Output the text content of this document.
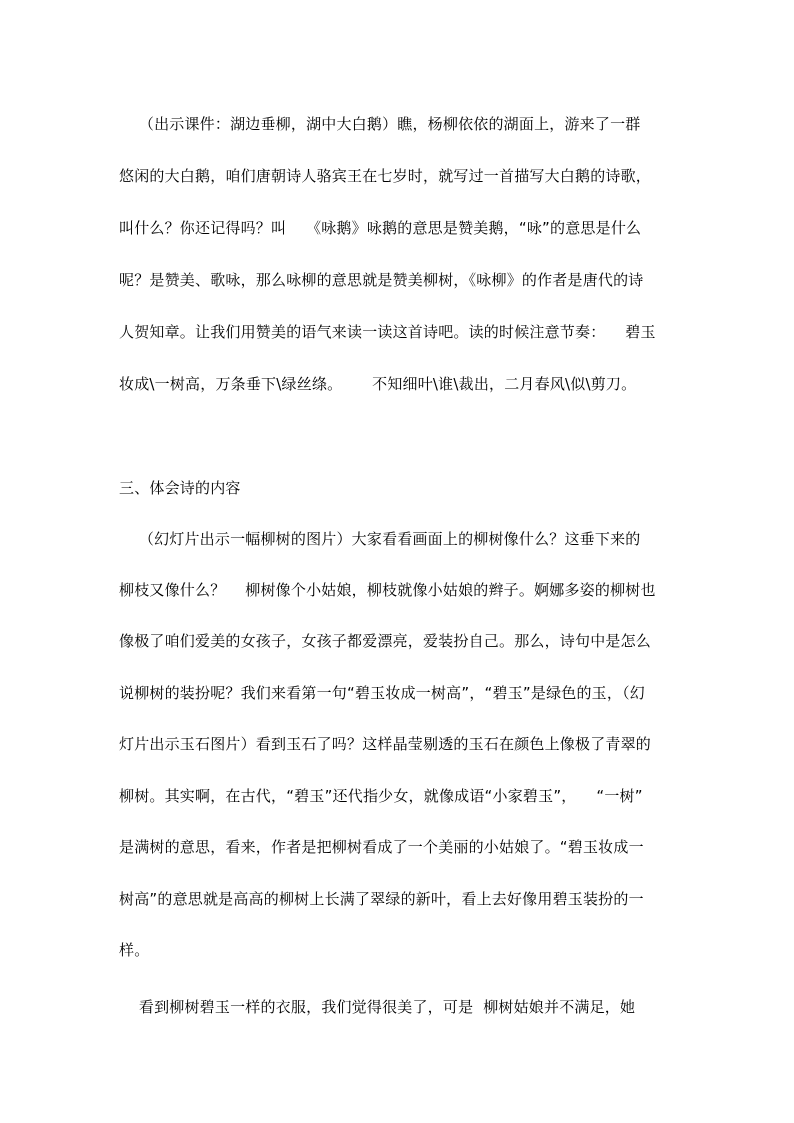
（出示课件：湖边垂柳，湖中大白鹅）瞧，杨柳依依的湖面上，游来了一群
悠闲的大白鹅，咱们唐朝诗人骆宾王在七岁时，就写过一首描写大白鹅的诗歌，
叫什么？你还记得吗？叫    《咏鹅》咏鹅的意思是赞美鹅，“咏”的意思是什么
呢？是赞美、歌咏，那么咏柳的意思就是赞美柳树，《咏柳》的作者是唐代的诗
人贺知章。让我们用赞美的语气来读一读这首诗吧。读的时候注意节奏：    碧玉
妆成\一树高，万条垂下\绿丝绦。      不知细叶\谁\裁出，二月春风\似\剪刀。
三、体会诗的内容
（幻灯片出示一幅柳树的图片）大家看看画面上的柳树像什么？这垂下来的
柳枝又像什么？    柳树像个小姑娘，柳枝就像小姑娘的辫子。婀娜多姿的柳树也
像极了咱们爱美的女孩子，女孩子都爱漂亮，爱装扮自己。那么，诗句中是怎么
说柳树的装扮呢？我们来看第一句“碧玉妆成一树高”，“碧玉”是绿色的玉，（幻
灯片出示玉石图片）看到玉石了吗？这样晶莹剔透的玉石在颜色上像极了青翠的
柳树。其实啊，在古代，“碧玉”还代指少女，就像成语“小家碧玉”，    “一树”
是满树的意思，看来，作者是把柳树看成了一个美丽的小姑娘了。“碧玉妆成一
树高”的意思就是高高的柳树上长满了翠绿的新叶，看上去好像用碧玉装扮的一
样。
看到柳树碧玉一样的衣服，我们觉得很美了，可是  柳树姑娘并不满足，她
